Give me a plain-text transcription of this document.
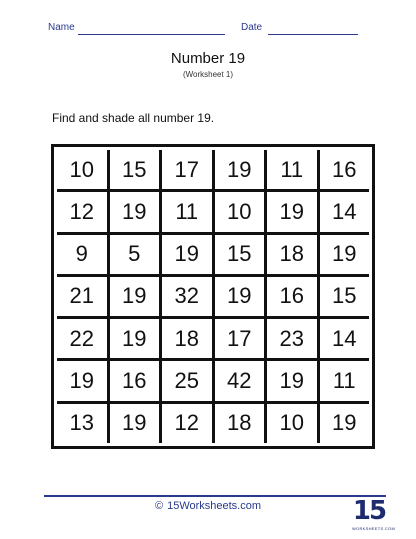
Name	Date
Number 19
(Worksheet 1)
Find and shade all number 19.
10	15	17	19	11	16
12	19	11	10	19	14
9	5	19	15	18	19
21	19	32	19	16	15
22	19	18	17	23	14
19	16	25	42	19	11
13	19	12	18	10	19
© 15Worksheets.com	15
WORKSHEETS.COM
